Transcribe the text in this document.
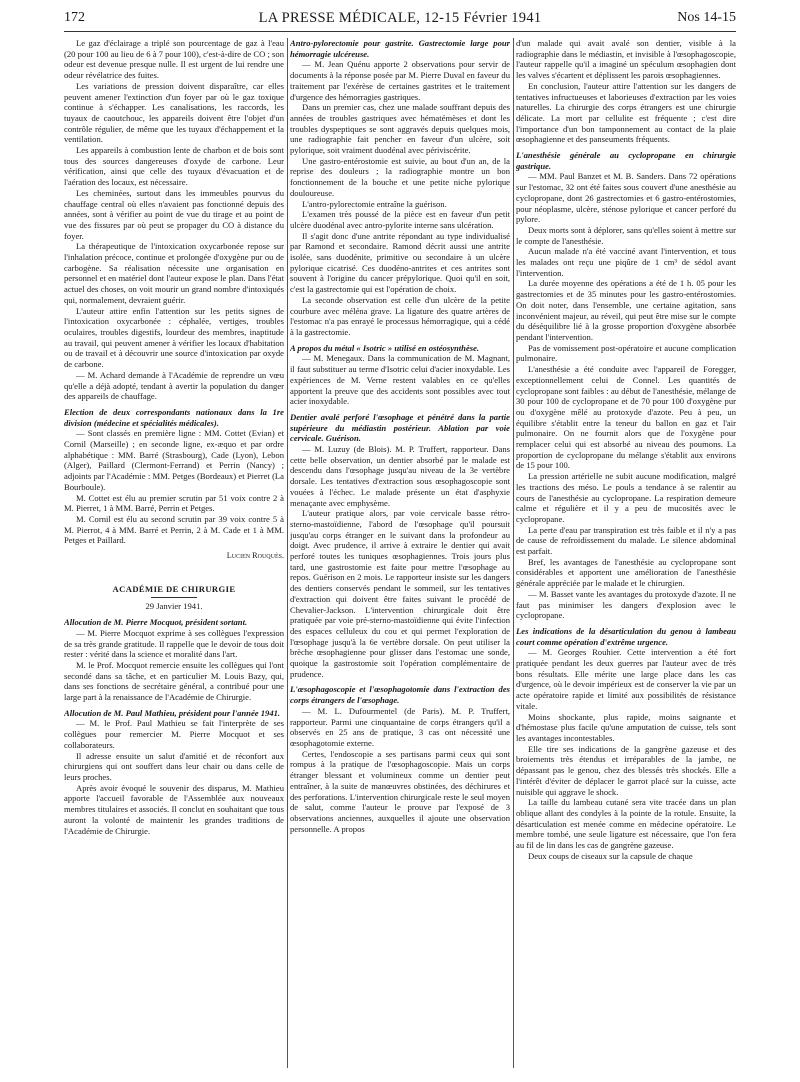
172	LA PRESSE MÉDICALE, 12-15 Février 1941	Nos 14-15

Le gaz d'éclairage a triplé son pourcentage de gaz à l'eau (20 pour 100 au lieu de 6 à 7 pour 100), c'est-à-dire de CO ; son odeur est devenue presque nulle. Il est urgent de lui rendre une odeur révélatrice des fuites.

Les variations de pression doivent disparaître, car elles peuvent amener l'extinction d'un foyer par où le gaz toxique continue à s'échapper. Les canalisations, les raccords, les tuyaux de caoutchouc, les appareils doivent être l'objet d'un contrôle régulier, de même que les tuyaux d'échappement et la ventilation.

Les appareils à combustion lente de charbon et de bois sont tous des sources dangereuses d'oxyde de carbone. Leur vérification, ainsi que celle des tuyaux d'évacuation et de l'aération des locaux, est nécessaire.

Les cheminées, surtout dans les immeubles pourvus du chauffage central où elles n'avaient pas fonctionné depuis des années, sont à vérifier au point de vue du tirage et au point de vue des fissures par où peut se propager du CO à distance du foyer.

La thérapeutique de l'intoxication oxycarbonée repose sur l'inhalation précoce, continue et prolongée d'oxygène pur ou de carbogène. Sa réalisation nécessite une organisation en personnel et en matériel dont l'auteur expose le plan. Dans l'état actuel des choses, on voit mourir un grand nombre d'intoxiqués qui, normalement, devraient guérir.

L'auteur attire enfin l'attention sur les petits signes de l'intoxication oxycarbonée : céphalée, vertiges, troubles oculaires, troubles digestifs, lourdeur des membres, inaptitude au travail, qui peuvent amener à vérifier les locaux d'habitation ou de travail et à découvrir une source d'intoxication par oxyde de carbone.

— M. Achard demande à l'Académie de reprendre un vœu qu'elle a déjà adopté, tendant à avertir la population du danger des appareils de chauffage.

Election de deux correspondants nationaux dans la 1re division (médecine et spécialités médicales).

— Sont classés en première ligne : MM. Cottet (Evian) et Cornil (Marseille) ; en seconde ligne, ex-æquo et par ordre alphabétique : MM. Barré (Strasbourg), Cade (Lyon), Lebon (Alger), Paillard (Clermont-Ferrand) et Perrin (Nancy) ; adjoints par l'Académie : MM. Petges (Bordeaux) et Pierret (La Bourboule).

M. Cottet est élu au premier scrutin par 51 voix contre 2 à M. Pierret, 1 à MM. Barré, Perrin et Petges.

M. Cornil est élu au second scrutin par 39 voix contre 5 à M. Pierrot, 4 à MM. Barré et Perrin, 2 à M. Cade et 1 à MM. Petges et Paillard.

Lucien Rouquès.

ACADÉMIE DE CHIRURGIE
29 Janvier 1941.

Allocution de M. Pierre Mocquot, président sortant.

— M. Pierre Mocquot exprime à ses collègues l'expression de sa très grande gratitude. Il rappelle que le devoir de tous doit rester : vérité dans la science et moralité dans l'art.

M. le Prof. Mocquot remercie ensuite les collègues qui l'ont secondé dans sa tâche, et en particulier M. Louis Bazy, qui, dans ses fonctions de secrétaire général, a contribué pour une large part à la renaissance de l'Académie de Chirurgie.

Allocution de M. Paul Mathieu, président pour l'année 1941.

— M. le Prof. Paul Mathieu se fait l'interprète de ses collègues pour remercier M. Pierre Mocquot et ses collaborateurs.

Il adresse ensuite un salut d'amitié et de réconfort aux chirurgiens qui ont souffert dans leur chair ou dans celle de leurs proches.

Après avoir évoqué le souvenir des disparus, M. Mathieu apporte l'accueil favorable de l'Assemblée aux nouveaux membres titulaires et associés. Il conclut en souhaitant que tous auront la volonté de maintenir les grandes traditions de l'Académie de Chirurgie.

Antro-pylorectomie pour gastrite. Gastrectomie large pour hémorragie ulcéreuse.

— M. Jean Quénu apporte 2 observations pour servir de documents à la réponse posée par M. Pierre Duval en faveur du traitement par l'exérèse de certaines gastrites et le traitement d'urgence des hémorragies gastriques.

Dans un premier cas, chez une malade souffrant depuis des années de troubles gastriques avec hématémèses et dont les troubles dyspeptiques se sont aggravés depuis quelques mois, une radiographie fait pencher en faveur d'un ulcère, soit pylorique, soit vraiment duodénal avec périviscérite.

Une gastro-entérostomie est suivie, au bout d'un an, de la reprise des douleurs ; la radiographie montre un bon fonctionnement de la bouche et une petite niche pylorique douloureuse.

L'antro-pylorectomie entraîne la guérison.

L'examen très poussé de la pièce est en faveur d'un petit ulcère duodénal avec antro-pylorite interne sans ulcération.

Il s'agit donc d'une antrite répondant au type individualisé par Ramond et secondaire. Ramond décrit aussi une antrite isolée, sans duodénite, primitive ou secondaire à un ulcère pylorique cicatrisé. Ces duodéno-antrites et ces antrites sont souvent à l'origine du cancer prépylorique. Quoi qu'il en soit, c'est la gastrectomie qui est l'opération de choix.

La seconde observation est celle d'un ulcère de la petite courbure avec méléna grave. La ligature des quatre artères de l'estomac n'a pas enrayé le processus hémorragique, qui a cédé à la gastrectomie.

A propos du métal « Isotric » utilisé en ostéosynthèse.

— M. Menegaux. Dans la communication de M. Magnant, il faut substituer au terme d'Isotric celui d'acier inoxydable. Les expériences de M. Verne restent valables en ce qu'elles apportent la preuve que des accidents sont possibles avec tout acier inoxydable.

Dentier avalé perforé l'œsophage et pénétré dans la partie supérieure du médiastin postérieur. Ablation par voie cervicale. Guérison.

— M. Luzuy (de Blois). M. P. Truffert, rapporteur. Dans cette belle observation, un dentier absorbé par le malade est descendu dans l'œsophage jusqu'au niveau de la 3e vertèbre dorsale. Les tentatives d'extraction sous œsophagoscopie sont vouées à l'échec. Le malade présente un état d'asphyxie menaçante avec emphysème.

L'auteur pratique alors, par voie cervicale basse rétro-sterno-mastoïdienne, l'abord de l'œsophage qu'il poursuit jusqu'au corps étranger en le suivant dans la profondeur au doigt. Avec prudence, il arrive à extraire le dentier qui avait perforé toutes les tuniques œsophagiennes. Trois jours plus tard, une gastrostomie est faite pour mettre l'œsophage au repos. Guérison en 2 mois. Le rapporteur insiste sur les dangers des dentiers conservés pendant le sommeil, sur les tentatives d'extraction qui doivent être faites suivant le procédé de Chevalier-Jackson. L'intervention chirurgicale doit être pratiquée par voie pré-sterno-mastoïdienne qui évite l'infection des espaces celluleux du cou et qui permet l'exploration de l'œsophage jusqu'à la 6e vertèbre dorsale. On peut utiliser la brèche œsophagienne pour glisser dans l'estomac une sonde, quoique la gastrostomie soit l'opération complémentaire de prudence.

L'œsophagoscopie et l'œsophagotomie dans l'extraction des corps étrangers de l'œsophage.

— M. L. Dufourmentel (de Paris). M. P. Truffert, rapporteur. Parmi une cinquantaine de corps étrangers qu'il a observés en 25 ans de pratique, 3 cas ont nécessité une œsophagotomie externe.

Certes, l'endoscopie a ses partisans parmi ceux qui sont rompus à la pratique de l'œsophagoscopie. Mais un corps étranger blessant et volumineux comme un dentier peut entraîner, à la suite de manœuvres obstinées, des déchirures et des perforations. L'intervention chirurgicale reste le seul moyen de salut, comme l'auteur le prouve par l'exposé de 3 observations anciennes, auxquelles il ajoute une observation personnelle. A propos

d'un malade qui avait avalé son dentier, visible à la radiographie dans le médiastin, et invisible à l'œsophagoscopie, l'auteur rappelle qu'il a imaginé un spéculum œsophagien dont les valves s'écartent et déplissent les parois œsophagiennes.

En conclusion, l'auteur attire l'attention sur les dangers de tentatives infructueuses et laborieuses d'extraction par les voies naturelles. La chirurgie des corps étrangers est une chirurgie délicate. La mort par cellulite est fréquente ; c'est dire l'importance d'un bon tamponnement au contact de la plaie œsophagienne et des panseuments fréquents.

L'anesthésie générale au cyclopropane en chirurgie gastrique.

— MM. Paul Banzet et M. B. Sanders. Dans 72 opérations sur l'estomac, 32 ont été faites sous couvert d'une anesthésie au cyclopropane, dont 26 gastrectomies et 6 gastro-entérostomies, pour néoplasme, ulcère, sténose pylorique et cancer perforé du pylore.

Deux morts sont à déplorer, sans qu'elles soient à mettre sur le compte de l'anesthésie.

Aucun malade n'a été vacciné avant l'intervention, et tous les malades ont reçu une piqûre de 1 cm³ de sédol avant l'intervention.

La durée moyenne des opérations a été de 1 h. 05 pour les gastrectomies et de 35 minutes pour les gastro-entérostomies. On doit noter, dans l'ensemble, une certaine agitation, sans inconvénient majeur, au réveil, qui peut être mise sur le compte du déséquilibre lié à la grosse proportion d'oxygène absorbée pendant l'intervention.

Pas de vomissement post-opératoire et aucune complication pulmonaire.

L'anesthésie a été conduite avec l'appareil de Foregger, exceptionnellement celui de Connel. Les quantités de cyclopropane sont faibles : au début de l'anesthésie, mélange de 30 pour 100 de cyclopropane et de 70 pour 100 d'oxygène pur ou d'oxygène mêlé au protoxyde d'azote. Peu à peu, un équilibre s'établit entre la teneur du ballon en gaz et l'air pulmonaire. On ne fournit alors que de l'oxygène pour remplacer celui qui est absorbé au niveau des poumons. La proportion de cyclopropane du mélange s'établit aux environs de 15 pour 100.

La pression artérielle ne subit aucune modification, malgré les tractions des méso. Le pouls a tendance à se ralentir au cours de l'anesthésie au cyclopropane. La respiration demeure calme et régulière et il y a peu de mucosités avec le cyclopropane.

La perte d'eau par transpiration est très faible et il n'y a pas de cause de refroidissement du malade. Le silence abdominal est parfait.

Bref, les avantages de l'anesthésie au cyclopropane sont considérables et apportent une amélioration de l'anesthésie générale appréciée par le malade et le chirurgien.

— M. Basset vante les avantages du protoxyde d'azote. Il ne faut pas minimiser les dangers d'explosion avec le cyclopropane.

Les indications de la désarticulation du genou à lambeau court comme opération d'extrême urgence.

— M. Georges Rouhier. Cette intervention a été fort pratiquée pendant les deux guerres par l'auteur avec de très bons résultats. Elle mérite une large place dans les cas d'urgence, où le devoir impérieux est de conserver la vie par un acte opératoire rapide et limité aux possibilités de résistance vitale.

Moins shockante, plus rapide, moins saignante et d'hémostase plus facile qu'une amputation de cuisse, tels sont les avantages incontestables.

Elle tire ses indications de la gangrène gazeuse et des broiements très étendus et irréparables de la jambe, ne dépassant pas le genou, chez des blessés très shockés. Elle a l'intérêt d'éviter de déplacer le garrot placé sur la cuisse, acte nuisible qui aggrave le shock.

La taille du lambeau cutané sera vite tracée dans un plan oblique allant des condyles à la pointe de la rotule. Ensuite, la désarticulation est menée comme en médecine opératoire. Le membre tombé, une seule ligature est nécessaire, que l'on fera au fil de lin dans les cas de gangrène gazeuse.

Deux coups de ciseaux sur la capsule de chaque
